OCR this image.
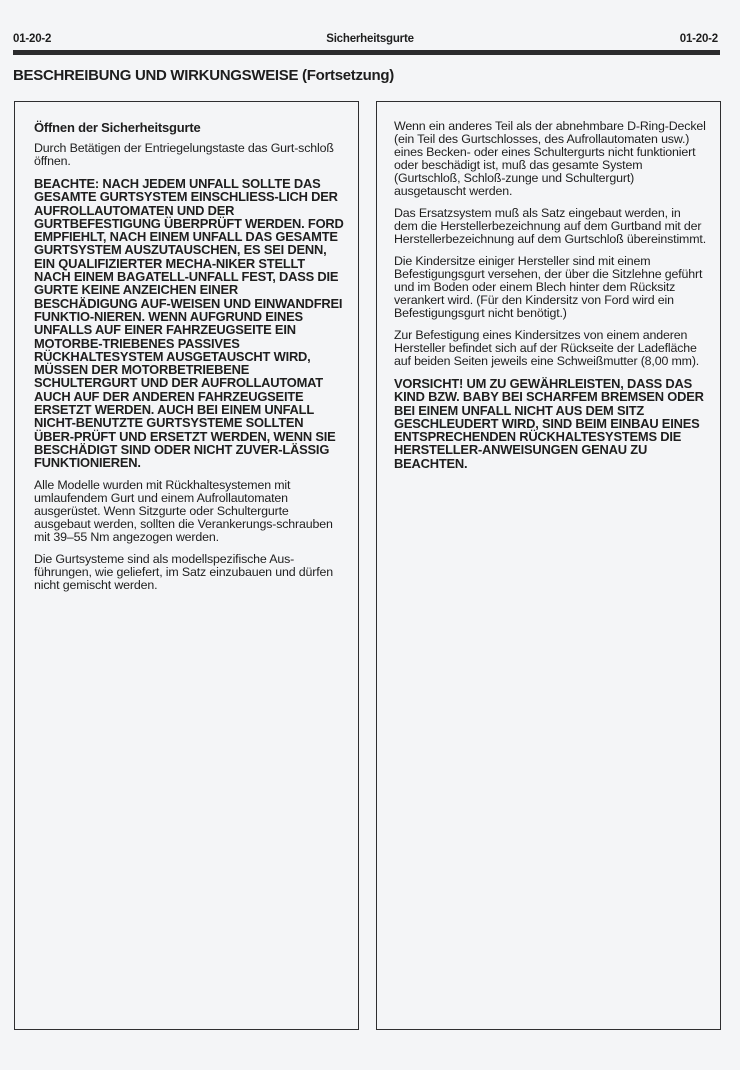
01-20-2	Sicherheitsgurte	01-20-2
BESCHREIBUNG UND WIRKUNGSWEISE (Fortsetzung)
Öffnen der Sicherheitsgurte

Durch Betätigen der Entriegelungstaste das Gurt-schloß öffnen.

BEACHTE: NACH JEDEM UNFALL SOLLTE DAS GESAMTE GURTSYSTEM EINSCHLIESS-LICH DER AUFROLLAUTOMATEN UND DER GURTBEFESTIGUNG ÜBERPRÜFT WERDEN. FORD EMPFIEHLT, NACH EINEM UNFALL DAS GESAMTE GURTSYSTEM AUSZUTAUSCHEN, ES SEI DENN, EIN QUALIFIZIERTER MECHA-NIKER STELLT NACH EINEM BAGATELL-UNFALL FEST, DASS DIE GURTE KEINE ANZEICHEN EINER BESCHÄDIGUNG AUF-WEISEN UND EINWANDFREI FUNKTIO-NIEREN. WENN AUFGRUND EINES UNFALLS AUF EINER FAHRZEUGSEITE EIN MOTORBE-TRIEBENES PASSIVES RÜCKHALTESYSTEM AUSGETAUSCHT WIRD, MÜSSEN DER MOTORBETRIEBENE SCHULTERGURT UND DER AUFROLLAUTOMAT AUCH AUF DER ANDEREN FAHRZEUGSEITE ERSETZT WERDEN. AUCH BEI EINEM UNFALL NICHT-BENUTZTE GURTSYSTEME SOLLTEN ÜBER-PRÜFT UND ERSETZT WERDEN, WENN SIE BESCHÄDIGT SIND ODER NICHT ZUVER-LÄSSIG FUNKTIONIEREN.

Alle Modelle wurden mit Rückhaltesystemen mit umlaufendem Gurt und einem Aufrollautomaten ausgerüstet. Wenn Sitzgurte oder Schultergurte ausgebaut werden, sollten die Verankerungs-schrauben mit 39–55 Nm angezogen werden.

Die Gurtsysteme sind als modellspezifische Aus-führungen, wie geliefert, im Satz einzubauen und dürfen nicht gemischt werden.

Wenn ein anderes Teil als der abnehmbare D-Ring-Deckel (ein Teil des Gurtschlosses, des Aufrollautomaten usw.) eines Becken- oder eines Schultergurts nicht funktioniert oder beschädigt ist, muß das gesamte System (Gurtschloß, Schloß-zunge und Schultergurt) ausgetauscht werden.

Das Ersatzsystem muß als Satz eingebaut werden, in dem die Herstellerbezeichnung auf dem Gurtband mit der Herstellerbezeichnung auf dem Gurtschloß übereinstimmt.

Die Kindersitze einiger Hersteller sind mit einem Befestigungsgurt versehen, der über die Sitzlehne geführt und im Boden oder einem Blech hinter dem Rücksitz verankert wird. (Für den Kindersitz von Ford wird ein Befestigungsgurt nicht benötigt.)

Zur Befestigung eines Kindersitzes von einem anderen Hersteller befindet sich auf der Rückseite der Ladefläche auf beiden Seiten jeweils eine Schweißmutter (8,00 mm).

VORSICHT! UM ZU GEWÄHRLEISTEN, DASS DAS KIND BZW. BABY BEI SCHARFEM BREMSEN ODER BEI EINEM UNFALL NICHT AUS DEM SITZ GESCHLEUDERT WIRD, SIND BEIM EINBAU EINES ENTSPRECHENDEN RÜCKHALTESYSTEMS DIE HERSTELLER-ANWEISUNGEN GENAU ZU BEACHTEN.
